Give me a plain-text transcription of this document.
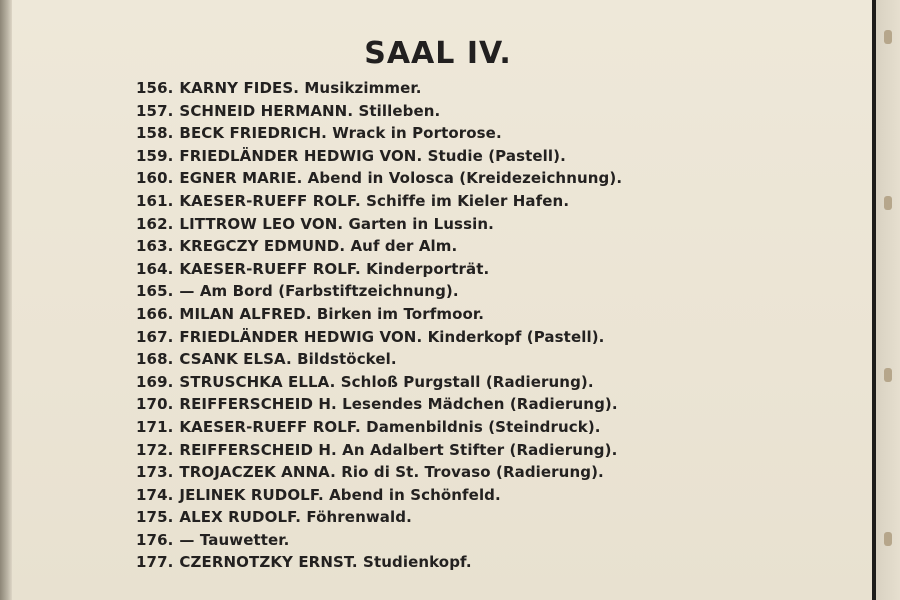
SAAL IV.
156. KARNY FIDES. Musikzimmer.
157. SCHNEID HERMANN. Stilleben.
158. BECK FRIEDRICH. Wrack in Portorose.
159. FRIEDLÄNDER HEDWIG VON. Studie (Pastell).
160. EGNER MARIE. Abend in Volosca (Kreidezeichnung).
161. KAESER-RUEFF ROLF. Schiffe im Kieler Hafen.
162. LITTROW LEO VON. Garten in Lussin.
163. KREGCZY EDMUND. Auf der Alm.
164. KAESER-RUEFF ROLF. Kinderporträt.
165. — Am Bord (Farbstiftzeichnung).
166. MILAN ALFRED. Birken im Torfmoor.
167. FRIEDLÄNDER HEDWIG VON. Kinderkopf (Pastell).
168. CSANK ELSA. Bildstöckel.
169. STRUSCHKA ELLA. Schloß Purgstall (Radierung).
170. REIFFERSCHEID H. Lesendes Mädchen (Radierung).
171. KAESER-RUEFF ROLF. Damenbildnis (Steindruck).
172. REIFFERSCHEID H. An Adalbert Stifter (Radierung).
173. TROJACZEK ANNA. Rio di St. Trovaso (Radierung).
174. JELINEK RUDOLF. Abend in Schönfeld.
175. ALEX RUDOLF. Föhrenwald.
176. — Tauwetter.
177. CZERNOTZKY ERNST. Studienkopf.
